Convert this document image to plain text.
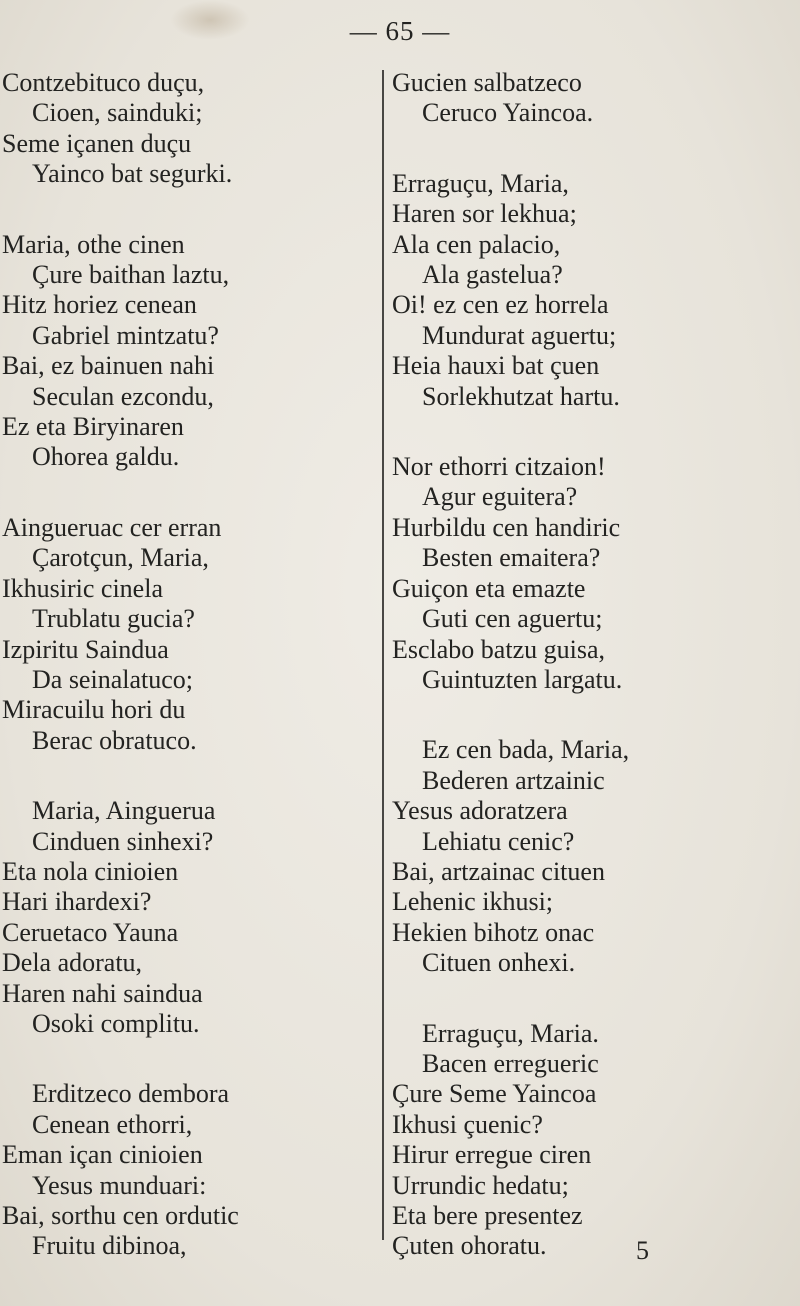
— 65 —
Contzebituco duçu,
Cioen, sainduki;
Seme içanen duçu
Yainco bat segurki.
Maria, othe cinen
Çure baithan laztu,
Hitz horiez cenean
Gabriel mintzatu?
Bai, ez bainuen nahi
Seculan ezcondu,
Ez eta Biryinaren
Ohorea galdu.
Aingueruac cer erran
Çarotçun, Maria,
Ikhusiric cinela
Trublatu gucia?
Izpiritu Saindua
Da seinalatuco;
Miracuilu hori du
Berac obratuco.
Maria, Ainguerua
Cinduen sinhexi?
Eta nola cinioien
Hari ihardexi?
Ceruetaco Yauna
Dela adoratu,
Haren nahi saindua
Osoki complitu.
Erditzeco dembora
Cenean ethorri,
Eman içan cinioien
Yesus munduari:
Bai, sorthu cen ordutic
Fruitu dibinoa,
Gucien salbatzeco
Ceruco Yaincoa.
Erraguçu, Maria,
Haren sor lekhua;
Ala cen palacio,
Ala gastelua?
Oi! ez cen ez horrela
Mundurat aguertu;
Heia hauxi bat çuen
Sorlekhutzat hartu.
Nor ethorri citzaion!
Agur eguitera?
Hurbildu cen handiric
Besten emaitera?
Guiçon eta emazte
Guti cen aguertu;
Esclabo batzu guisa,
Guintuzten largatu.
Ez cen bada, Maria,
Bederen artzainic
Yesus adoratzera
Lehiatu cenic?
Bai, artzainac cituen
Lehenic ikhusi;
Hekien bihotz onac
Cituen onhexi.
Erraguçu, Maria.
Bacen erregueric
Çure Seme Yaincoa
Ikhusi çuenic?
Hirur erregue ciren
Urrundic hedatu;
Eta bere presentez
Çuten ohoratu.	5
